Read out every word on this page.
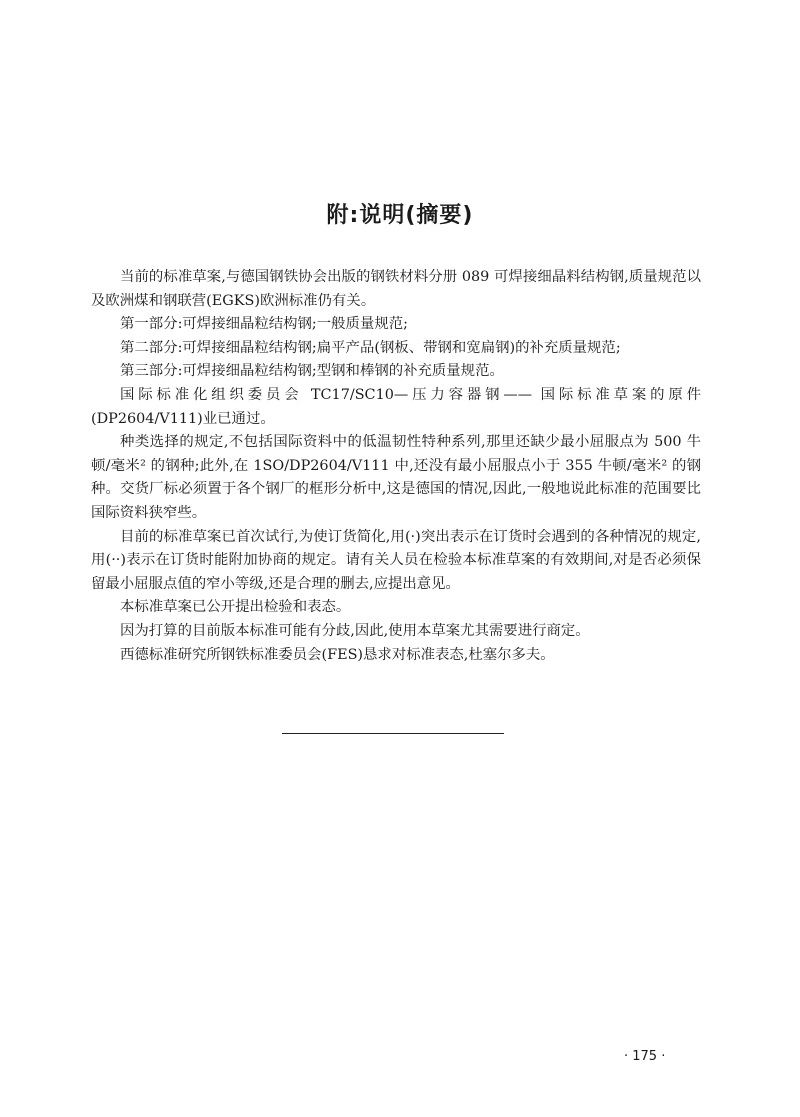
附:说明(摘要)

当前的标准草案,与德国钢铁协会出版的钢铁材料分册 089 可焊接细晶料结构钢,质量规范以及欧洲煤和钢联营(EGKS)欧洲标准仍有关。

第一部分:可焊接细晶粒结构钢;一般质量规范;

第二部分:可焊接细晶粒结构钢;扁平产品(钢板、带钢和宽扁钢)的补充质量规范;

第三部分:可焊接细晶粒结构钢;型钢和棒钢的补充质量规范。

国际标准化组织委员会 TC17/SC10—压力容器钢—— 国际标准草案的原件(DP2604/V111)业已通过。

种类选择的规定,不包括国际资料中的低温韧性特种系列,那里还缺少最小屈服点为 500 牛顿/毫米² 的钢种;此外,在 1SO/DP2604/V111 中,还没有最小屈服点小于 355 牛顿/毫米² 的钢种。交货厂标必须置于各个钢厂的框形分析中,这是德国的情况,因此,一般地说此标准的范围要比国际资料狭窄些。

目前的标准草案已首次试行,为使订货简化,用(·)突出表示在订货时会遇到的各种情况的规定,用(··)表示在订货时能附加协商的规定。请有关人员在检验本标准草案的有效期间,对是否必须保留最小屈服点值的窄小等级,还是合理的删去,应提出意见。

本标准草案已公开提出检验和表态。

因为打算的目前版本标准可能有分歧,因此,使用本草案尤其需要进行商定。

西德标准研究所钢铁标准委员会(FES)恳求对标准表态,杜塞尔多夫。

· 175 ·
